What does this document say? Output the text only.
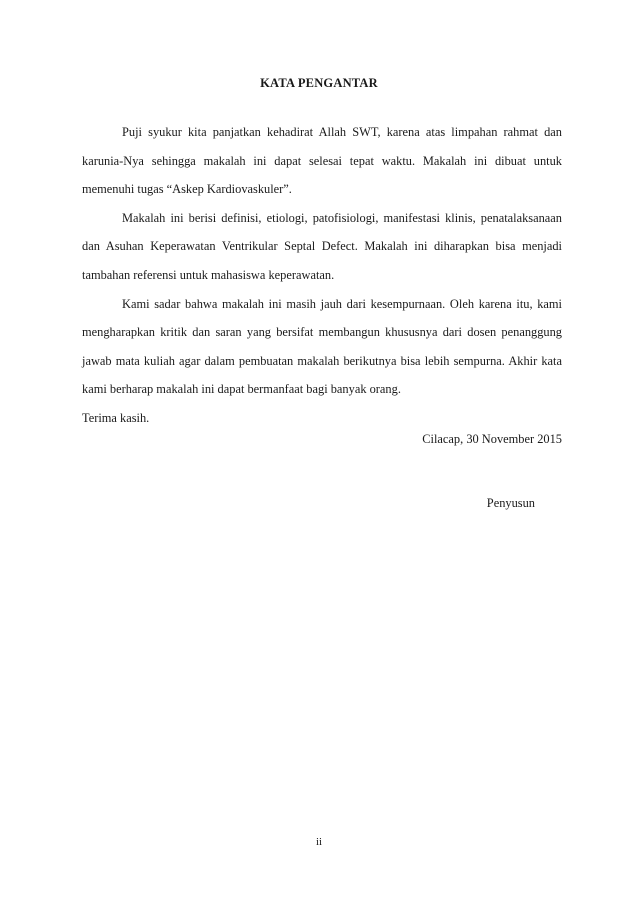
KATA PENGANTAR

Puji syukur kita panjatkan kehadirat Allah SWT, karena atas limpahan rahmat dan karunia-Nya sehingga makalah ini dapat selesai tepat waktu. Makalah ini dibuat untuk memenuhi tugas “Askep Kardiovaskuler”.

Makalah ini berisi definisi, etiologi, patofisiologi, manifestasi klinis, penatalaksanaan dan Asuhan Keperawatan Ventrikular Septal Defect. Makalah ini diharapkan bisa menjadi tambahan referensi untuk mahasiswa keperawatan.

Kami sadar bahwa makalah ini masih jauh dari kesempurnaan. Oleh karena itu, kami mengharapkan kritik dan saran yang bersifat membangun khususnya dari dosen penanggung jawab mata kuliah agar dalam pembuatan makalah berikutnya bisa lebih sempurna. Akhir kata kami berharap makalah ini dapat bermanfaat bagi banyak orang.

Terima kasih.

Cilacap, 30 November 2015
Penyusun
ii
